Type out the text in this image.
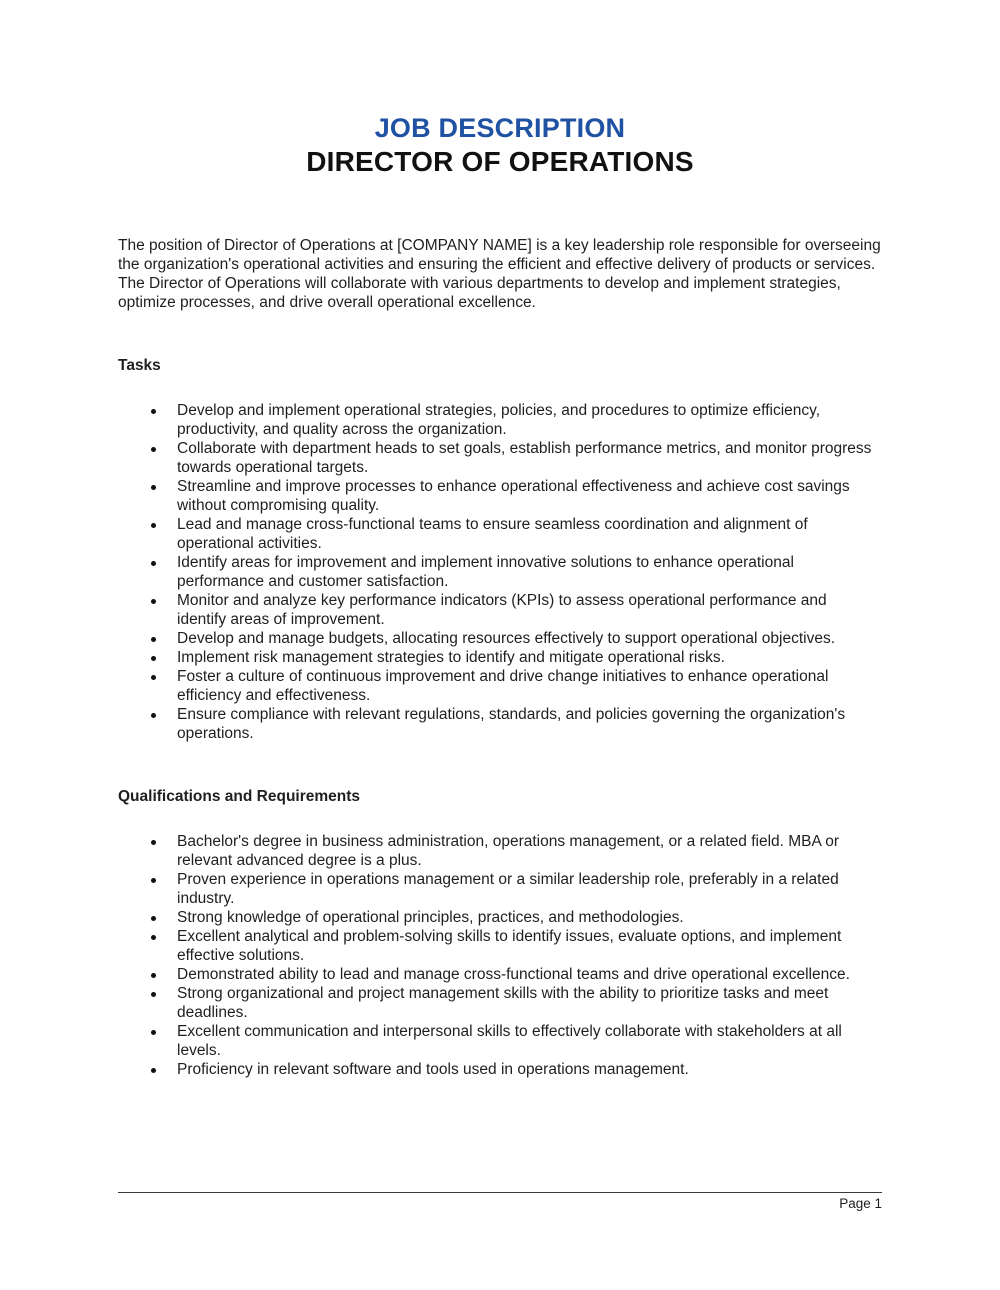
JOB DESCRIPTION
DIRECTOR OF OPERATIONS

The position of Director of Operations at [COMPANY NAME] is a key leadership role responsible for overseeing the organization's operational activities and ensuring the efficient and effective delivery of products or services. The Director of Operations will collaborate with various departments to develop and implement strategies, optimize processes, and drive overall operational excellence.

Tasks
Develop and implement operational strategies, policies, and procedures to optimize efficiency, productivity, and quality across the organization.
Collaborate with department heads to set goals, establish performance metrics, and monitor progress towards operational targets.
Streamline and improve processes to enhance operational effectiveness and achieve cost savings without compromising quality.
Lead and manage cross-functional teams to ensure seamless coordination and alignment of operational activities.
Identify areas for improvement and implement innovative solutions to enhance operational performance and customer satisfaction.
Monitor and analyze key performance indicators (KPIs) to assess operational performance and identify areas of improvement.
Develop and manage budgets, allocating resources effectively to support operational objectives.
Implement risk management strategies to identify and mitigate operational risks.
Foster a culture of continuous improvement and drive change initiatives to enhance operational efficiency and effectiveness.
Ensure compliance with relevant regulations, standards, and policies governing the organization's operations.
Qualifications and Requirements
Bachelor's degree in business administration, operations management, or a related field. MBA or relevant advanced degree is a plus.
Proven experience in operations management or a similar leadership role, preferably in a related industry.
Strong knowledge of operational principles, practices, and methodologies.
Excellent analytical and problem-solving skills to identify issues, evaluate options, and implement effective solutions.
Demonstrated ability to lead and manage cross-functional teams and drive operational excellence.
Strong organizational and project management skills with the ability to prioritize tasks and meet deadlines.
Excellent communication and interpersonal skills to effectively collaborate with stakeholders at all levels.
Proficiency in relevant software and tools used in operations management.
Page 1
